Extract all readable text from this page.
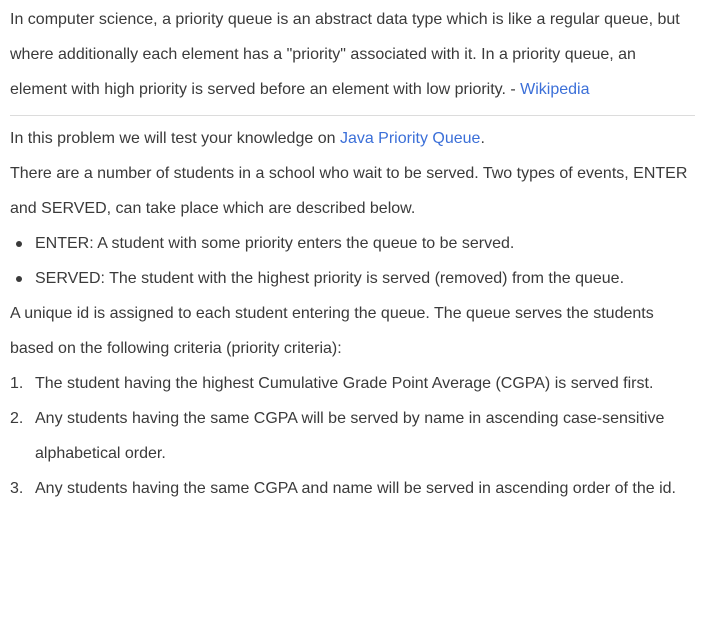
In computer science, a priority queue is an abstract data type which is like a regular queue, but where additionally each element has a "priority" associated with it. In a priority queue, an element with high priority is served before an element with low priority. - Wikipedia

In this problem we will test your knowledge on Java Priority Queue.

There are a number of students in a school who wait to be served. Two types of events, ENTER and SERVED, can take place which are described below.

ENTER: A student with some priority enters the queue to be served.
SERVED: The student with the highest priority is served (removed) from the queue.

A unique id is assigned to each student entering the queue. The queue serves the students based on the following criteria (priority criteria):

1. The student having the highest Cumulative Grade Point Average (CGPA) is served first.
2. Any students having the same CGPA will be served by name in ascending case-sensitive alphabetical order.
3. Any students having the same CGPA and name will be served in ascending order of the id.
